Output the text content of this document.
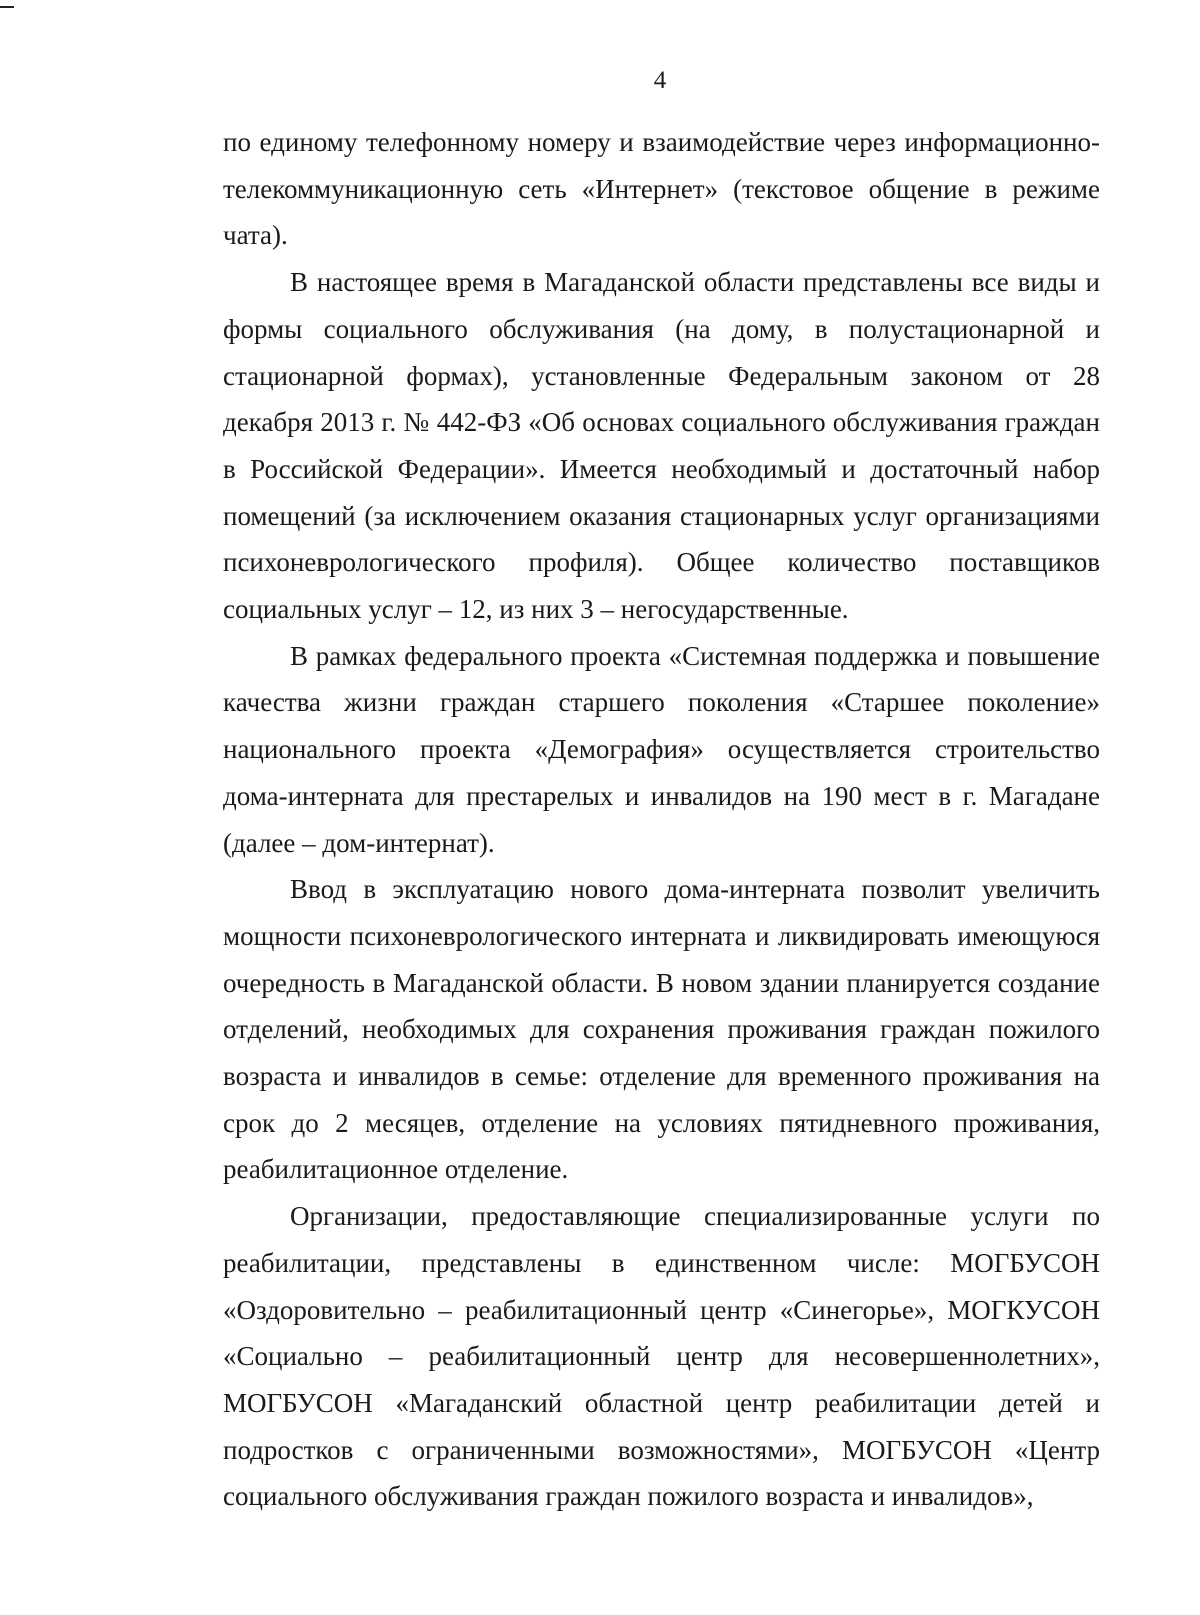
4

по единому телефонному номеру и взаимодействие через информационно-телекоммуникационную сеть «Интернет» (текстовое общение в режиме чата).

В настоящее время в Магаданской области представлены все виды и формы социального обслуживания (на дому, в полустационарной и стационарной формах), установленные Федеральным законом от 28 декабря 2013 г. № 442-ФЗ «Об основах социального обслуживания граждан в Российской Федерации». Имеется необходимый и достаточный набор помещений (за исключением оказания стационарных услуг организациями психоневрологического профиля). Общее количество поставщиков социальных услуг – 12, из них 3 – негосударственные.

В рамках федерального проекта «Системная поддержка и повышение качества жизни граждан старшего поколения «Старшее поколение» национального проекта «Демография» осуществляется строительство дома-интерната для престарелых и инвалидов на 190 мест в г. Магадане (далее – дом-интернат).

Ввод в эксплуатацию нового дома-интерната позволит увеличить мощности психоневрологического интерната и ликвидировать имеющуюся очередность в Магаданской области. В новом здании планируется создание отделений, необходимых для сохранения проживания граждан пожилого возраста и инвалидов в семье: отделение для временного проживания на срок до 2 месяцев, отделение на условиях пятидневного проживания, реабилитационное отделение.

Организации, предоставляющие специализированные услуги по реабилитации, представлены в единственном числе: МОГБУСОН «Оздоровительно – реабилитационный центр «Синегорье», МОГКУСОН «Социально – реабилитационный центр для несовершеннолетних», МОГБУСОН «Магаданский областной центр реабилитации детей и подростков с ограниченными возможностями», МОГБУСОН «Центр социального обслуживания граждан пожилого возраста и инвалидов»,
